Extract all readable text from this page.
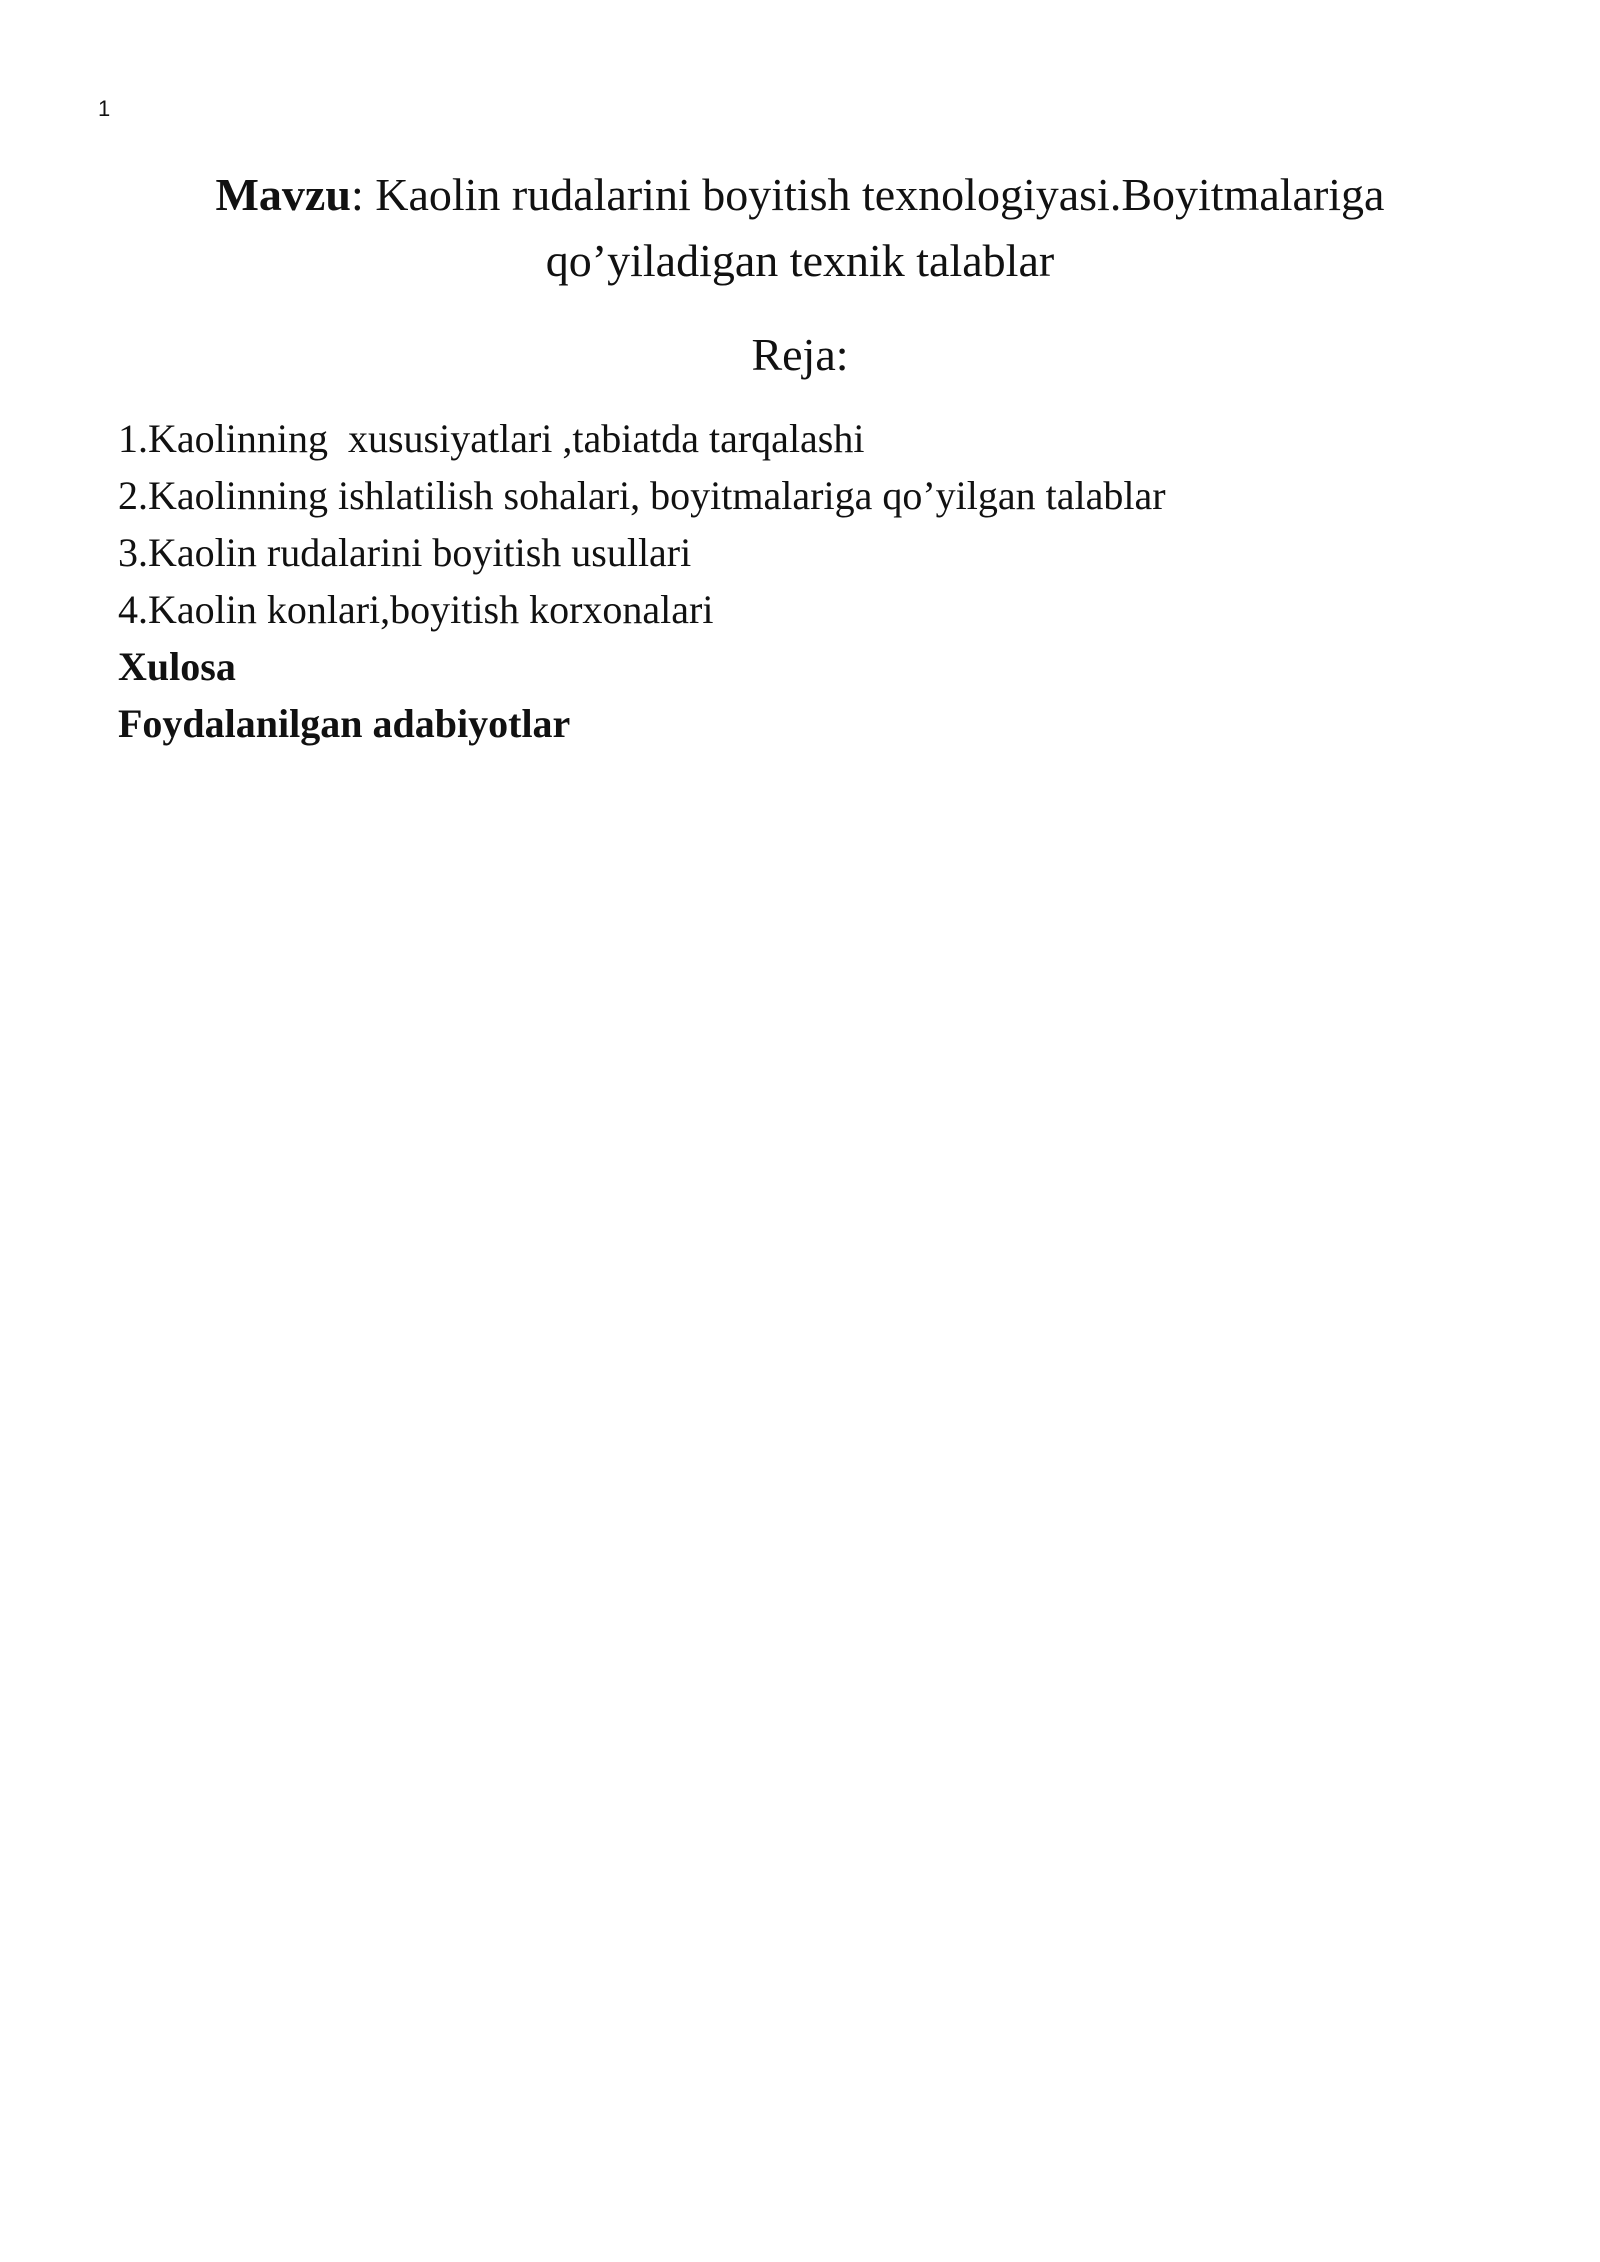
1
Mavzu: Kaolin rudalarini boyitish texnologiyasi.Boyitmalariga
qo’yiladigan texnik talablar
Reja:
1.Kaolinning  xususiyatlari ,tabiatda tarqalashi
2.Kaolinning ishlatilish sohalari, boyitmalariga qo’yilgan talablar
3.Kaolin rudalarini boyitish usullari
4.Kaolin konlari,boyitish korxonalari
Xulosa
Foydalanilgan adabiyotlar
